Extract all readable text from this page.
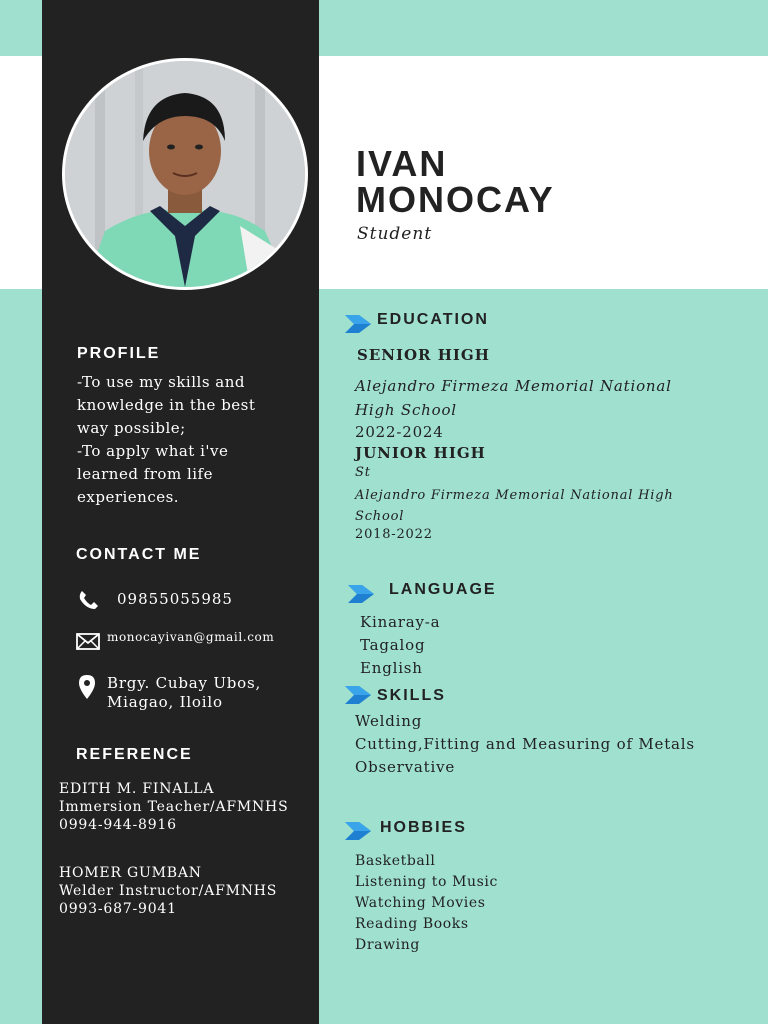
IVAN
MONOCAY
Student
PROFILE
-To use my skills and
knowledge in the best
way possible;
-To apply what i've
learned from life
experiences.
CONTACT ME
09855055985
monocayivan@gmail.com
Brgy. Cubay Ubos,
Miagao, Iloilo
REFERENCE
EDITH M. FINALLA
Immersion Teacher/AFMNHS
0994-944-8916
HOMER GUMBAN
Welder Instructor/AFMNHS
0993-687-9041
EDUCATION
SENIOR HIGH
Alejandro Firmeza Memorial National
High School
2022-2024
JUNIOR HIGH
St
Alejandro Firmeza Memorial National High
School
2018-2022
LANGUAGE
Kinaray-a
Tagalog
English
SKILLS
Welding
Cutting,Fitting and Measuring of Metals
Observative
HOBBIES
Basketball
Listening to Music
Watching Movies
Reading Books
Drawing
